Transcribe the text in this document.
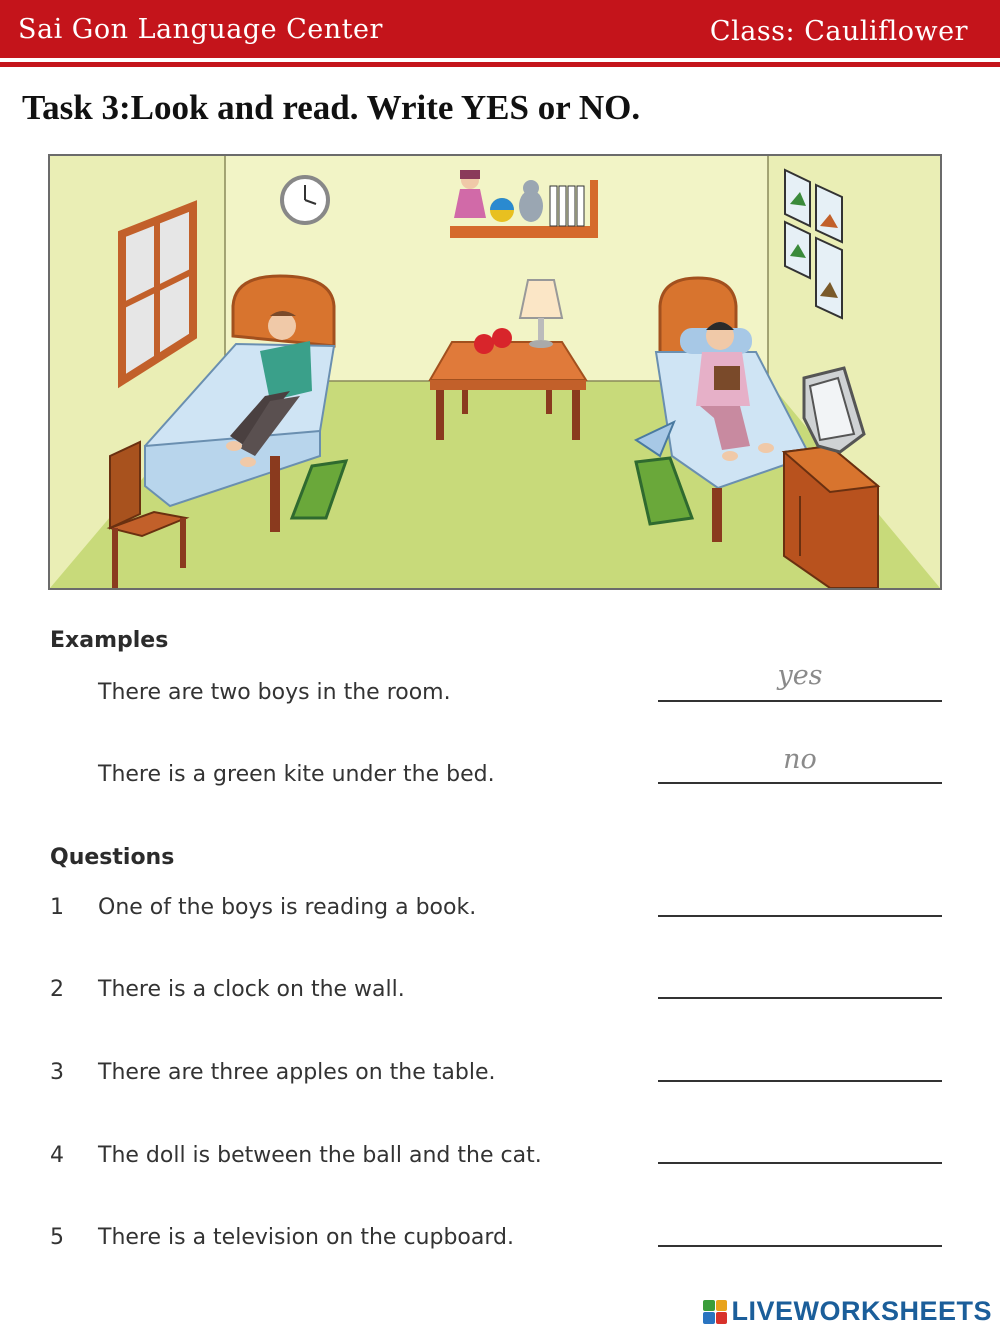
Sai Gon Language Center	Class: Cauliflower
Task 3:Look and read. Write YES or NO.
Examples
There are two boys in the room.
yes
There is a green kite under the bed.	no
Questions
1 One of the boys is reading a book.
2 There is a clock on the wall.
3 There are three apples on the table.
4 The doll is between the ball and the cat.
5 There is a television on the cupboard.
LIVEWORKSHEETS
